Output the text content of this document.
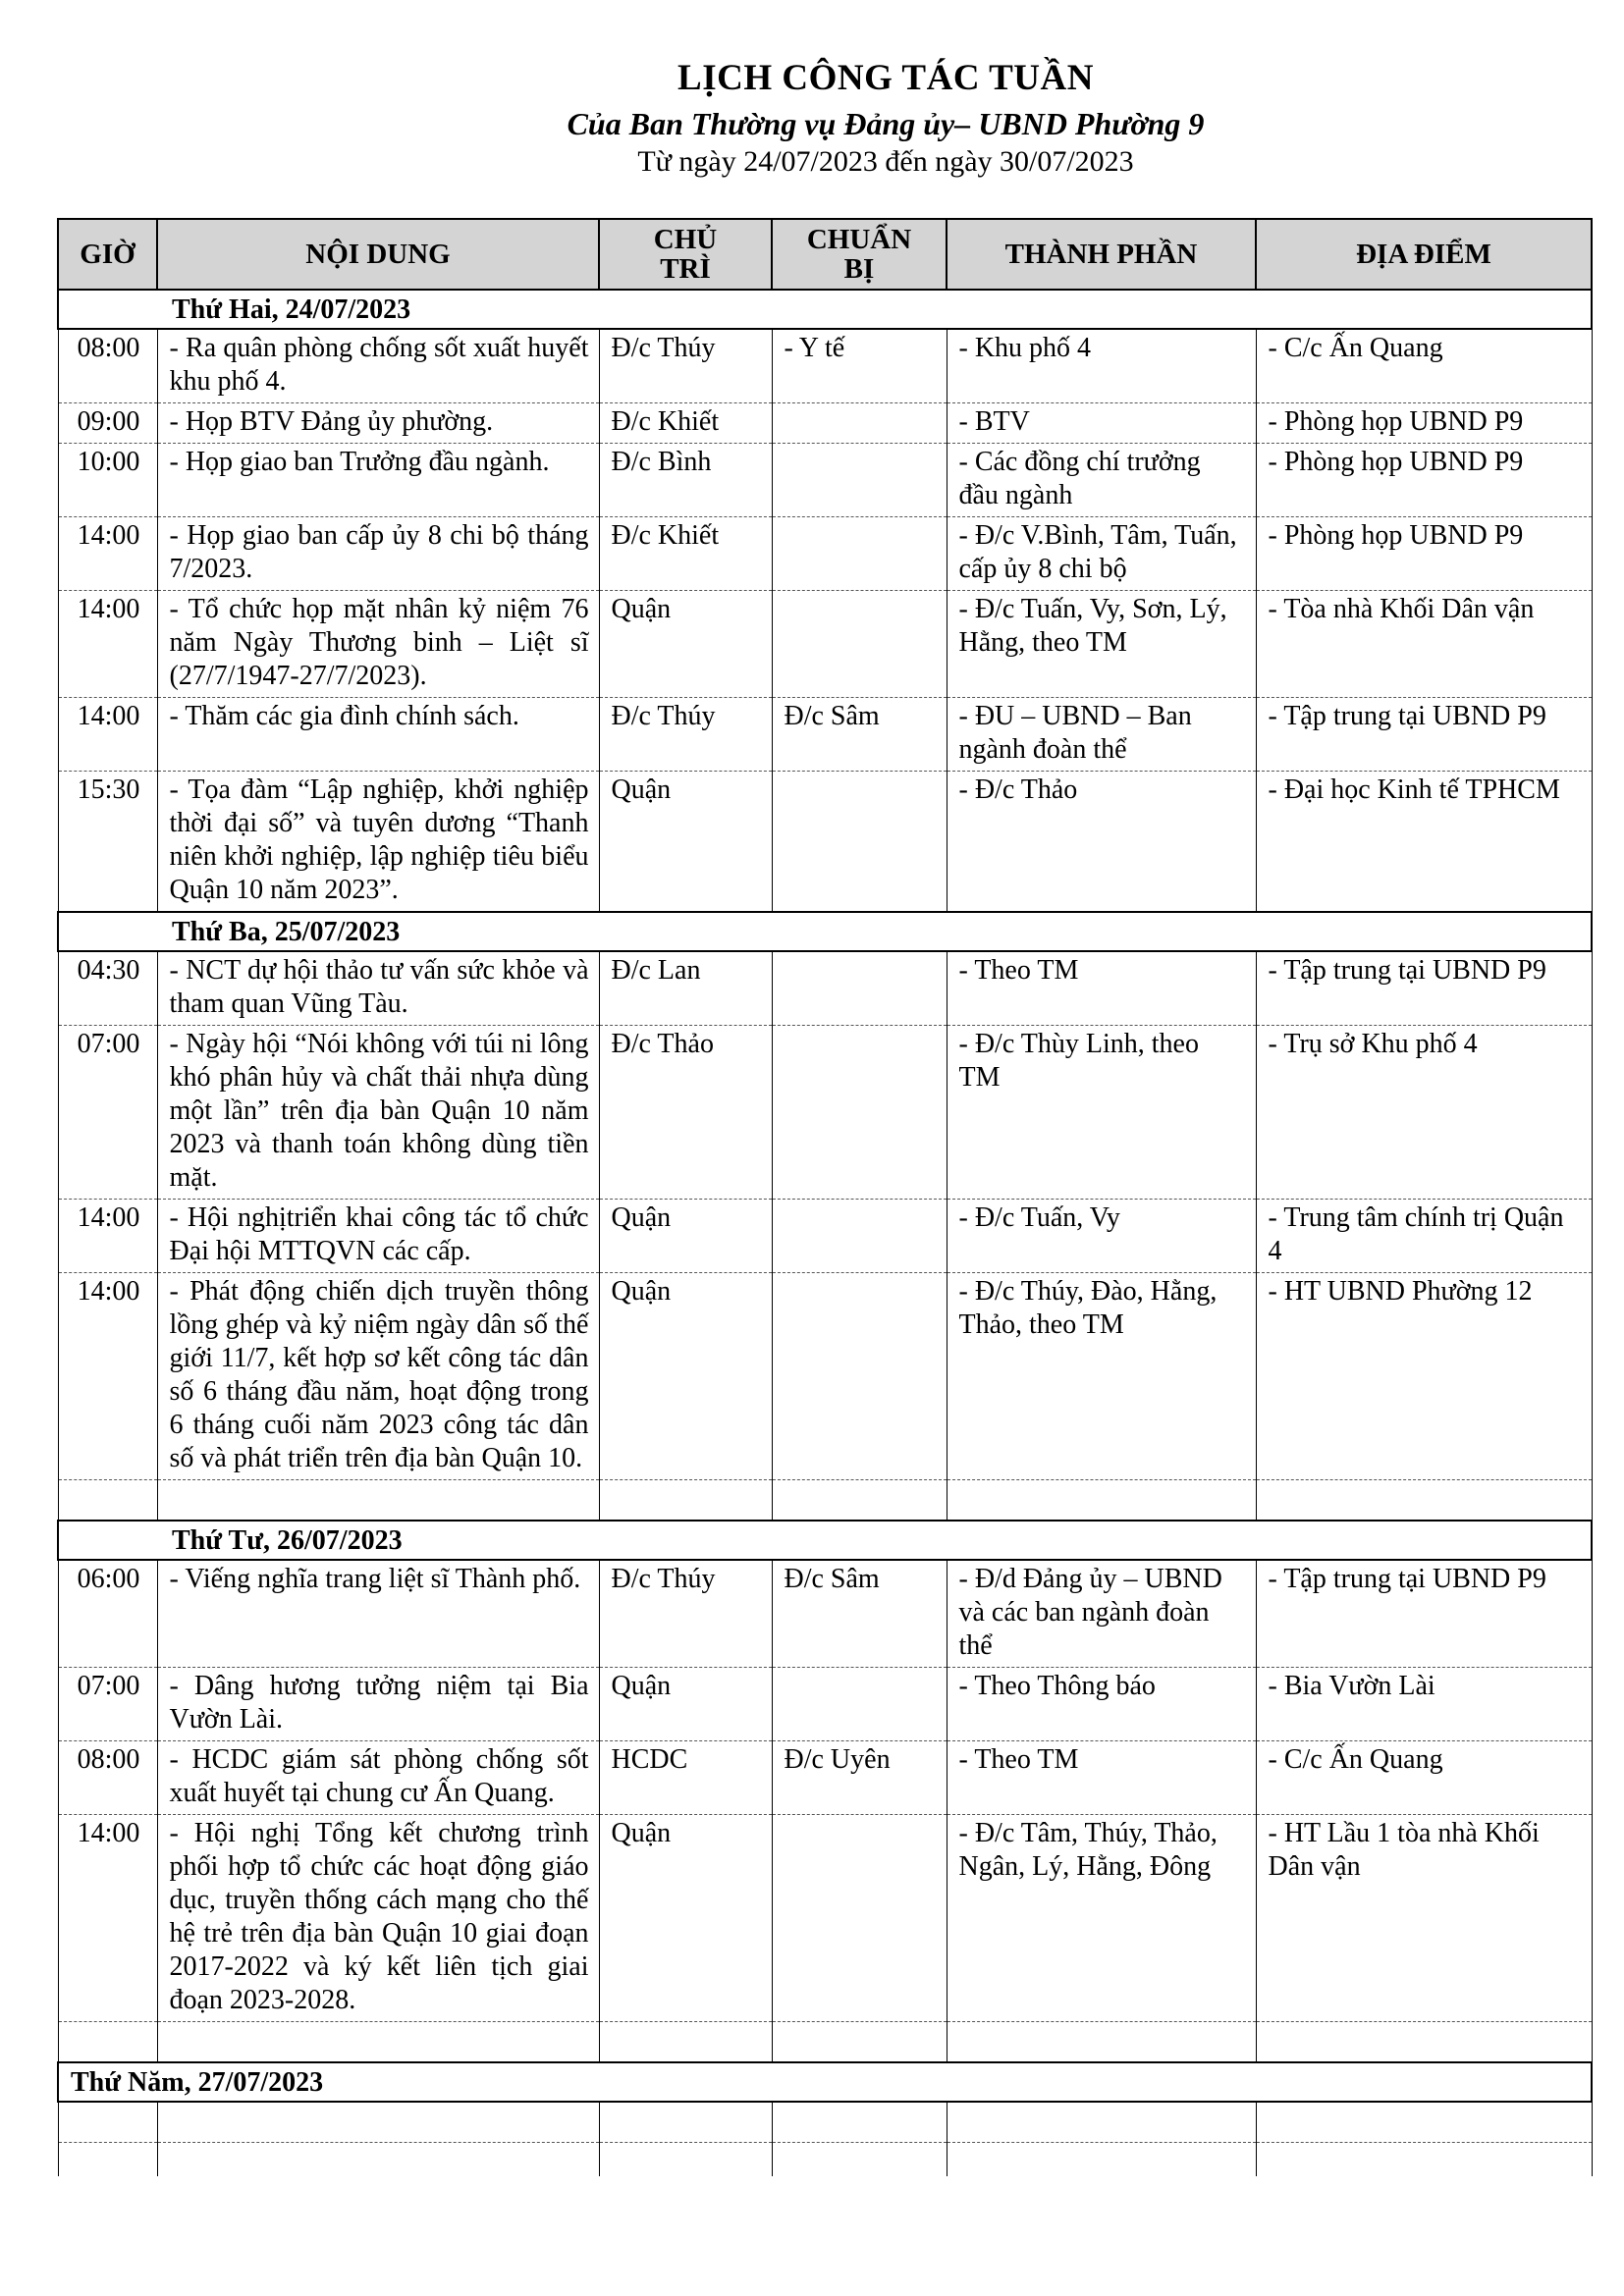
LỊCH CÔNG TÁC TUẦN
Của Ban Thường vụ Đảng ủy– UBND Phường 9
Từ ngày 24/07/2023 đến ngày 30/07/2023
GIỜ	NỘI DUNG	CHỦ TRÌ	CHUẨN BỊ	THÀNH PHẦN	ĐỊA ĐIỂM
Thứ Hai, 24/07/2023					
08:00	- Ra quân phòng chống sốt xuất huyết khu phố 4.	Đ/c Thúy	- Y tế	- Khu phố 4	- C/c Ấn Quang
09:00	- Họp BTV Đảng ủy phường.	Đ/c Khiết		- BTV	- Phòng họp UBND P9
10:00	- Họp giao ban Trưởng đầu ngành.	Đ/c Bình		- Các đồng chí trưởng đầu ngành	- Phòng họp UBND P9
14:00	- Họp giao ban cấp ủy 8 chi bộ tháng 7/2023.	Đ/c Khiết		- Đ/c V.Bình, Tâm, Tuấn, cấp ủy 8 chi bộ	- Phòng họp UBND P9
14:00	- Tổ chức họp mặt nhân kỷ niệm 76 năm Ngày Thương binh – Liệt sĩ (27/7/1947-27/7/2023).	Quận		- Đ/c Tuấn, Vy, Sơn, Lý, Hằng, theo TM	- Tòa nhà Khối Dân vận
14:00	- Thăm các gia đình chính sách.	Đ/c Thúy	Đ/c Sâm	- ĐU – UBND – Ban ngành đoàn thể	- Tập trung tại UBND P9
15:30	- Tọa đàm “Lập nghiệp, khởi nghiệp thời đại số” và tuyên dương “Thanh niên khởi nghiệp, lập nghiệp tiêu biểu Quận 10 năm 2023”.	Quận		- Đ/c Thảo	- Đại học Kinh tế TPHCM
Thứ Ba, 25/07/2023					
04:30	- NCT dự hội thảo tư vấn sức khỏe và tham quan Vũng Tàu.	Đ/c Lan		- Theo TM	- Tập trung tại UBND P9
07:00	- Ngày hội “Nói không với túi ni lông khó phân hủy và chất thải nhựa dùng một lần” trên địa bàn Quận 10 năm 2023 và thanh toán không dùng tiền mặt.	Đ/c Thảo		- Đ/c Thùy Linh, theo TM	- Trụ sở Khu phố 4
14:00	- Hội nghịtriển khai công tác tổ chức Đại hội MTTQVN các cấp.	Quận		- Đ/c Tuấn, Vy	- Trung tâm chính trị Quận 4
14:00	- Phát động chiến dịch truyền thông lồng ghép và kỷ niệm ngày dân số thế giới 11/7, kết hợp sơ kết công tác dân số 6 tháng đầu năm, hoạt động trong 6 tháng cuối năm 2023 công tác dân số và phát triển trên địa bàn Quận 10.	Quận		- Đ/c Thúy, Đào, Hằng, Thảo, theo TM	- HT UBND Phường 12

Thứ Tư, 26/07/2023					
06:00	- Viếng nghĩa trang liệt sĩ Thành phố.	Đ/c Thúy	Đ/c Sâm	- Đ/d Đảng ủy – UBND và các ban ngành đoàn thể	- Tập trung tại UBND P9
07:00	- Dâng hương tưởng niệm tại Bia Vườn Lài.	Quận		- Theo Thông báo	- Bia Vườn Lài
08:00	- HCDC giám sát phòng chống sốt xuất huyết tại chung cư Ấn Quang.	HCDC	Đ/c Uyên	- Theo TM	- C/c Ấn Quang
14:00	- Hội nghị Tổng kết chương trình phối hợp tổ chức các hoạt động giáo dục, truyền thống cách mạng cho thế hệ trẻ trên địa bàn Quận 10 giai đoạn 2017-2022 và ký kết liên tịch giai đoạn 2023-2028.	Quận		- Đ/c Tâm, Thúy, Thảo, Ngân, Lý, Hằng, Đông	- HT Lầu 1 tòa nhà Khối Dân vận

Thứ Năm, 27/07/2023					
